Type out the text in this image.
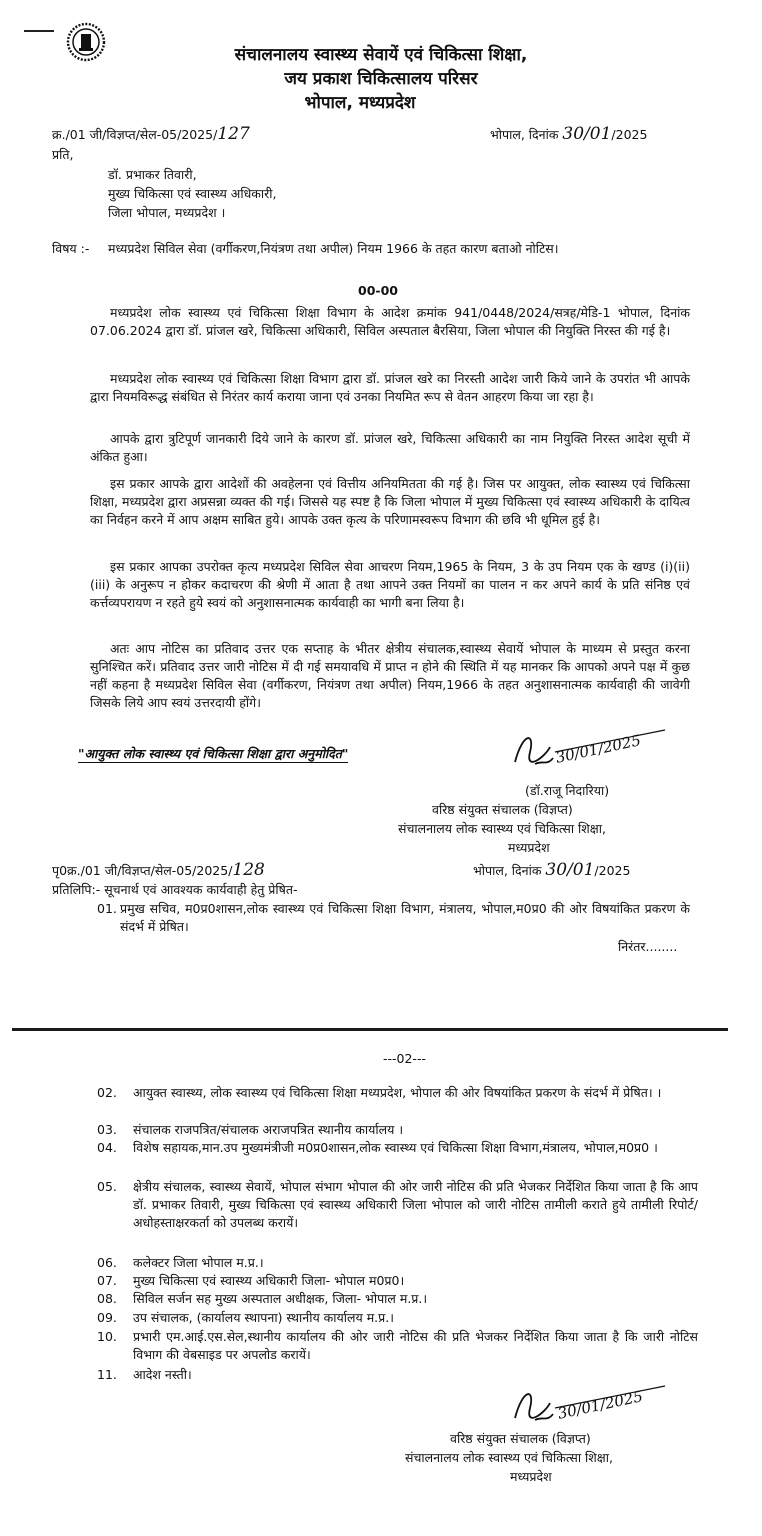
संचालनालय स्वास्थ्य सेवायें एवं चिकित्सा शिक्षा,
जय प्रकाश चिकित्सालय परिसर
भोपाल, मध्यप्रदेश
क्र./01 जी/विज्ञप्त/सेल-05/2025/127	भोपाल, दिनांक 30/01/2025
प्रति,
डॉ. प्रभाकर तिवारी,
मुख्य चिकित्सा एवं स्वास्थ्य अधिकारी,
जिला भोपाल, मध्यप्रदेश ।
विषय :- मध्यप्रदेश सिविल सेवा (वर्गीकरण,नियंत्रण तथा अपील) नियम 1966 के तहत कारण बताओ नोटिस।
00-00
मध्यप्रदेश लोक स्वास्थ्य एवं चिकित्सा शिक्षा विभाग के आदेश क्रमांक 941/0448/2024/सत्रह/मेडि-1 भोपाल, दिनांक 07.06.2024 द्वारा डॉ. प्रांजल खरे, चिकित्सा अधिकारी, सिविल अस्पताल बैरसिया, जिला भोपाल की नियुक्ति निरस्त की गई है।
मध्यप्रदेश लोक स्वास्थ्य एवं चिकित्सा शिक्षा विभाग द्वारा डॉ. प्रांजल खरे का निरस्ती आदेश जारी किये जाने के उपरांत भी आपके द्वारा नियमविरूद्ध संबंधित से निरंतर कार्य कराया जाना एवं उनका नियमित रूप से वेतन आहरण किया जा रहा है।
आपके द्वारा त्रुटिपूर्ण जानकारी दिये जाने के कारण डॉ. प्रांजल खरे, चिकित्सा अधिकारी का नाम नियुक्ति निरस्त आदेश सूची में अंकित हुआ।
इस प्रकार आपके द्वारा आदेशों की अवहेलना एवं वित्तीय अनियमितता की गई है। जिस पर आयुक्त, लोक स्वास्थ्य एवं चिकित्सा शिक्षा, मध्यप्रदेश द्वारा अप्रसन्ना व्यक्त की गई। जिससे यह स्पष्ट है कि जिला भोपाल में मुख्य चिकित्सा एवं स्वास्थ्य अधिकारी के दायित्व का निर्वहन करने में आप अक्षम साबित हुये। आपके उक्त कृत्य के परिणामस्वरूप विभाग की छवि भी धूमिल हुई है।
इस प्रकार आपका उपरोक्त कृत्य मध्यप्रदेश सिविल सेवा आचरण नियम,1965 के नियम, 3 के उप नियम एक के खण्ड (i)(ii)(iii) के अनुरूप न होकर कदाचरण की श्रेणी में आता है तथा आपने उक्त नियमों का पालन न कर अपने कार्य के प्रति संनिष्ठ एवं कर्त्तव्यपरायण न रहते हुये स्वयं को अनुशासनात्मक कार्यवाही का भागी बना लिया है।
अतः आप नोटिस का प्रतिवाद उत्तर एक सप्ताह के भीतर क्षेत्रीय संचालक,स्वास्थ्य सेवायें भोपाल के माध्यम से प्रस्तुत करना सुनिश्चित करें। प्रतिवाद उत्तर जारी नोटिस में दी गई समयावधि में प्राप्त न होने की स्थिति में यह मानकर कि आपको अपने पक्ष में कुछ नहीं कहना है मध्यप्रदेश सिविल सेवा (वर्गीकरण, नियंत्रण तथा अपील) नियम,1966 के तहत अनुशासनात्मक कार्यवाही की जावेगी जिसके लिये आप स्वयं उत्तरदायी होंगे।
"आयुक्त लोक स्वास्थ्य एवं चिकित्सा शिक्षा द्वारा अनुमोदित"	30/01/2025
(डॉ.राजू निदारिया)
वरिष्ठ संयुक्त संचालक (विज्ञप्त)
संचालनालय लोक स्वास्थ्य एवं चिकित्सा शिक्षा,
मध्यप्रदेश
पृ0क्र./01 जी/विज्ञप्त/सेल-05/2025/128	भोपाल, दिनांक 30/01/2025
प्रतिलिपि:- सूचनार्थ एवं आवश्यक कार्यवाही हेतु प्रेषित-
01. प्रमुख सचिव, म0प्र0शासन,लोक स्वास्थ्य एवं चिकित्सा शिक्षा विभाग, मंत्रालय, भोपाल,म0प्र0 की ओर विषयांकित प्रकरण के संदर्भ में प्रेषित।
निरंतर........
---02---
02. आयुक्त स्वास्थ्य, लोक स्वास्थ्य एवं चिकित्सा शिक्षा मध्यप्रदेश, भोपाल की ओर विषयांकित प्रकरण के संदर्भ में प्रेषित। ।
03. संचालक राजपत्रित/संचालक अराजपत्रित स्थानीय कार्यालय ।
04. विशेष सहायक,मान.उप मुख्यमंत्रीजी म0प्र0शासन,लोक स्वास्थ्य एवं चिकित्सा शिक्षा विभाग,मंत्रालय, भोपाल,म0प्र0 ।
05. क्षेत्रीय संचालक, स्वास्थ्य सेवायें, भोपाल संभाग भोपाल की ओर जारी नोटिस की प्रति भेजकर निर्देशित किया जाता है कि आप डॉ. प्रभाकर तिवारी, मुख्य चिकित्सा एवं स्वास्थ्य अधिकारी जिला भोपाल को जारी नोटिस तामीली कराते हुये तामीली रिपोर्ट/अधोहस्ताक्षरकर्ता को उपलब्ध करायें।
06. कलेक्टर जिला भोपाल म.प्र.।
07. मुख्य चिकित्सा एवं स्वास्थ्य अधिकारी जिला- भोपाल म0प्र0।
08. सिविल सर्जन सह मुख्य अस्पताल अधीक्षक, जिला- भोपाल म.प्र.।
09. उप संचालक, (कार्यालय स्थापना) स्थानीय कार्यालय म.प्र.।
10. प्रभारी एम.आई.एस.सेल,स्थानीय कार्यालय की ओर जारी नोटिस की प्रति भेजकर निर्देशित किया जाता है कि जारी नोटिस विभाग की वेबसाइड पर अपलोड करायें।
11. आदेश नस्ती।
30/01/2025
वरिष्ठ संयुक्त संचालक (विज्ञप्त)
संचालनालय लोक स्वास्थ्य एवं चिकित्सा शिक्षा,
मध्यप्रदेश
